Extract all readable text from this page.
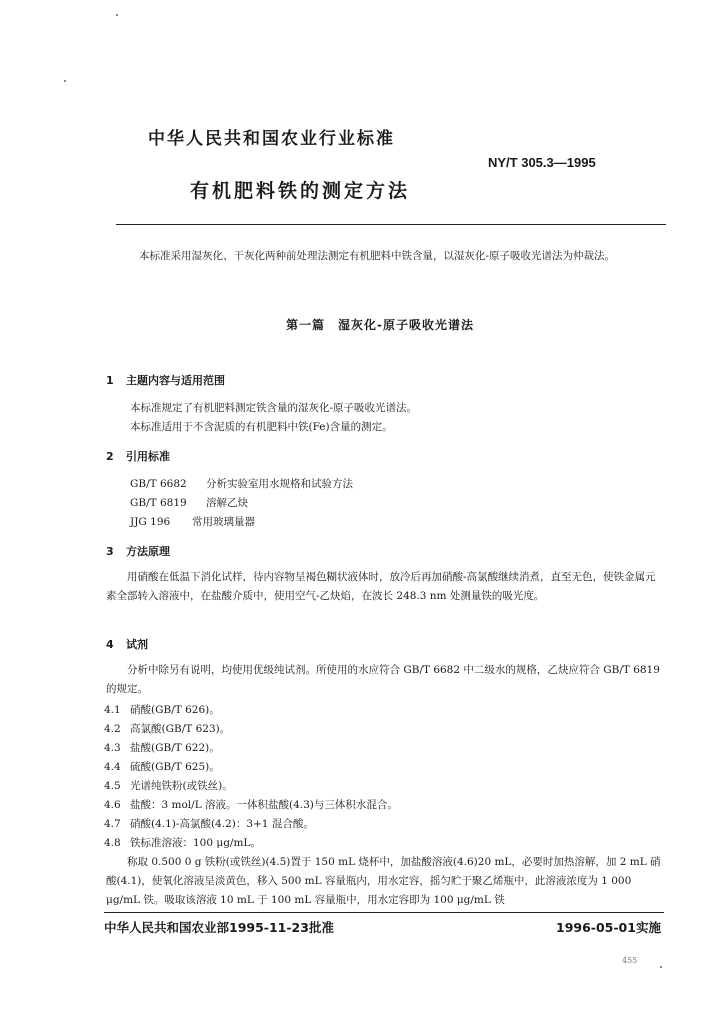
中华人民共和国农业行业标准
NY/T 305.3—1995
有机肥料铁的测定方法
本标准采用湿灰化、干灰化两种前处理法测定有机肥料中铁含量，以湿灰化-原子吸收光谱法为仲裁法。
第一篇　湿灰化-原子吸收光谱法
1 主题内容与适用范围
本标准规定了有机肥料测定铁含量的湿灰化-原子吸收光谱法。
本标准适用于不含泥质的有机肥料中铁(Fe)含量的测定。
2 引用标准
GB/T 6682 分析实验室用水规格和试验方法
GB/T 6819 溶解乙炔
JJG 196 常用玻璃量器
3 方法原理
用硝酸在低温下消化试样，待内容物呈褐色糊状液体时，放冷后再加硝酸-高氯酸继续消煮，直至无色，使铁金属元素全部转入溶液中，在盐酸介质中，使用空气-乙炔焰，在波长 248.3 nm 处测量铁的吸光度。
4 试剂
分析中除另有说明，均使用优级纯试剂。所使用的水应符合 GB/T 6682 中二级水的规格，乙炔应符合 GB/T 6819 的规定。
4.1 硝酸(GB/T 626)。
4.2 高氯酸(GB/T 623)。
4.3 盐酸(GB/T 622)。
4.4 硫酸(GB/T 625)。
4.5 光谱纯铁粉(或铁丝)。
4.6 盐酸：3 mol/L 溶液。一体积盐酸(4.3)与三体积水混合。
4.7 硝酸(4.1)-高氯酸(4.2)：3+1 混合酸。
4.8 铁标准溶液：100 μg/mL。
称取 0.500 0 g 铁粉(或铁丝)(4.5)置于 150 mL 烧杯中，加盐酸溶液(4.6)20 mL，必要时加热溶解，加 2 mL 硝酸(4.1)，使氧化溶液呈淡黄色，移入 500 mL 容量瓶内，用水定容，摇匀贮于聚乙烯瓶中，此溶液浓度为 1 000 μg/mL 铁。吸取该溶液 10 mL 于 100 mL 容量瓶中，用水定容即为 100 μg/mL 铁
中华人民共和国农业部1995-11-23批准	1996-05-01实施
455
